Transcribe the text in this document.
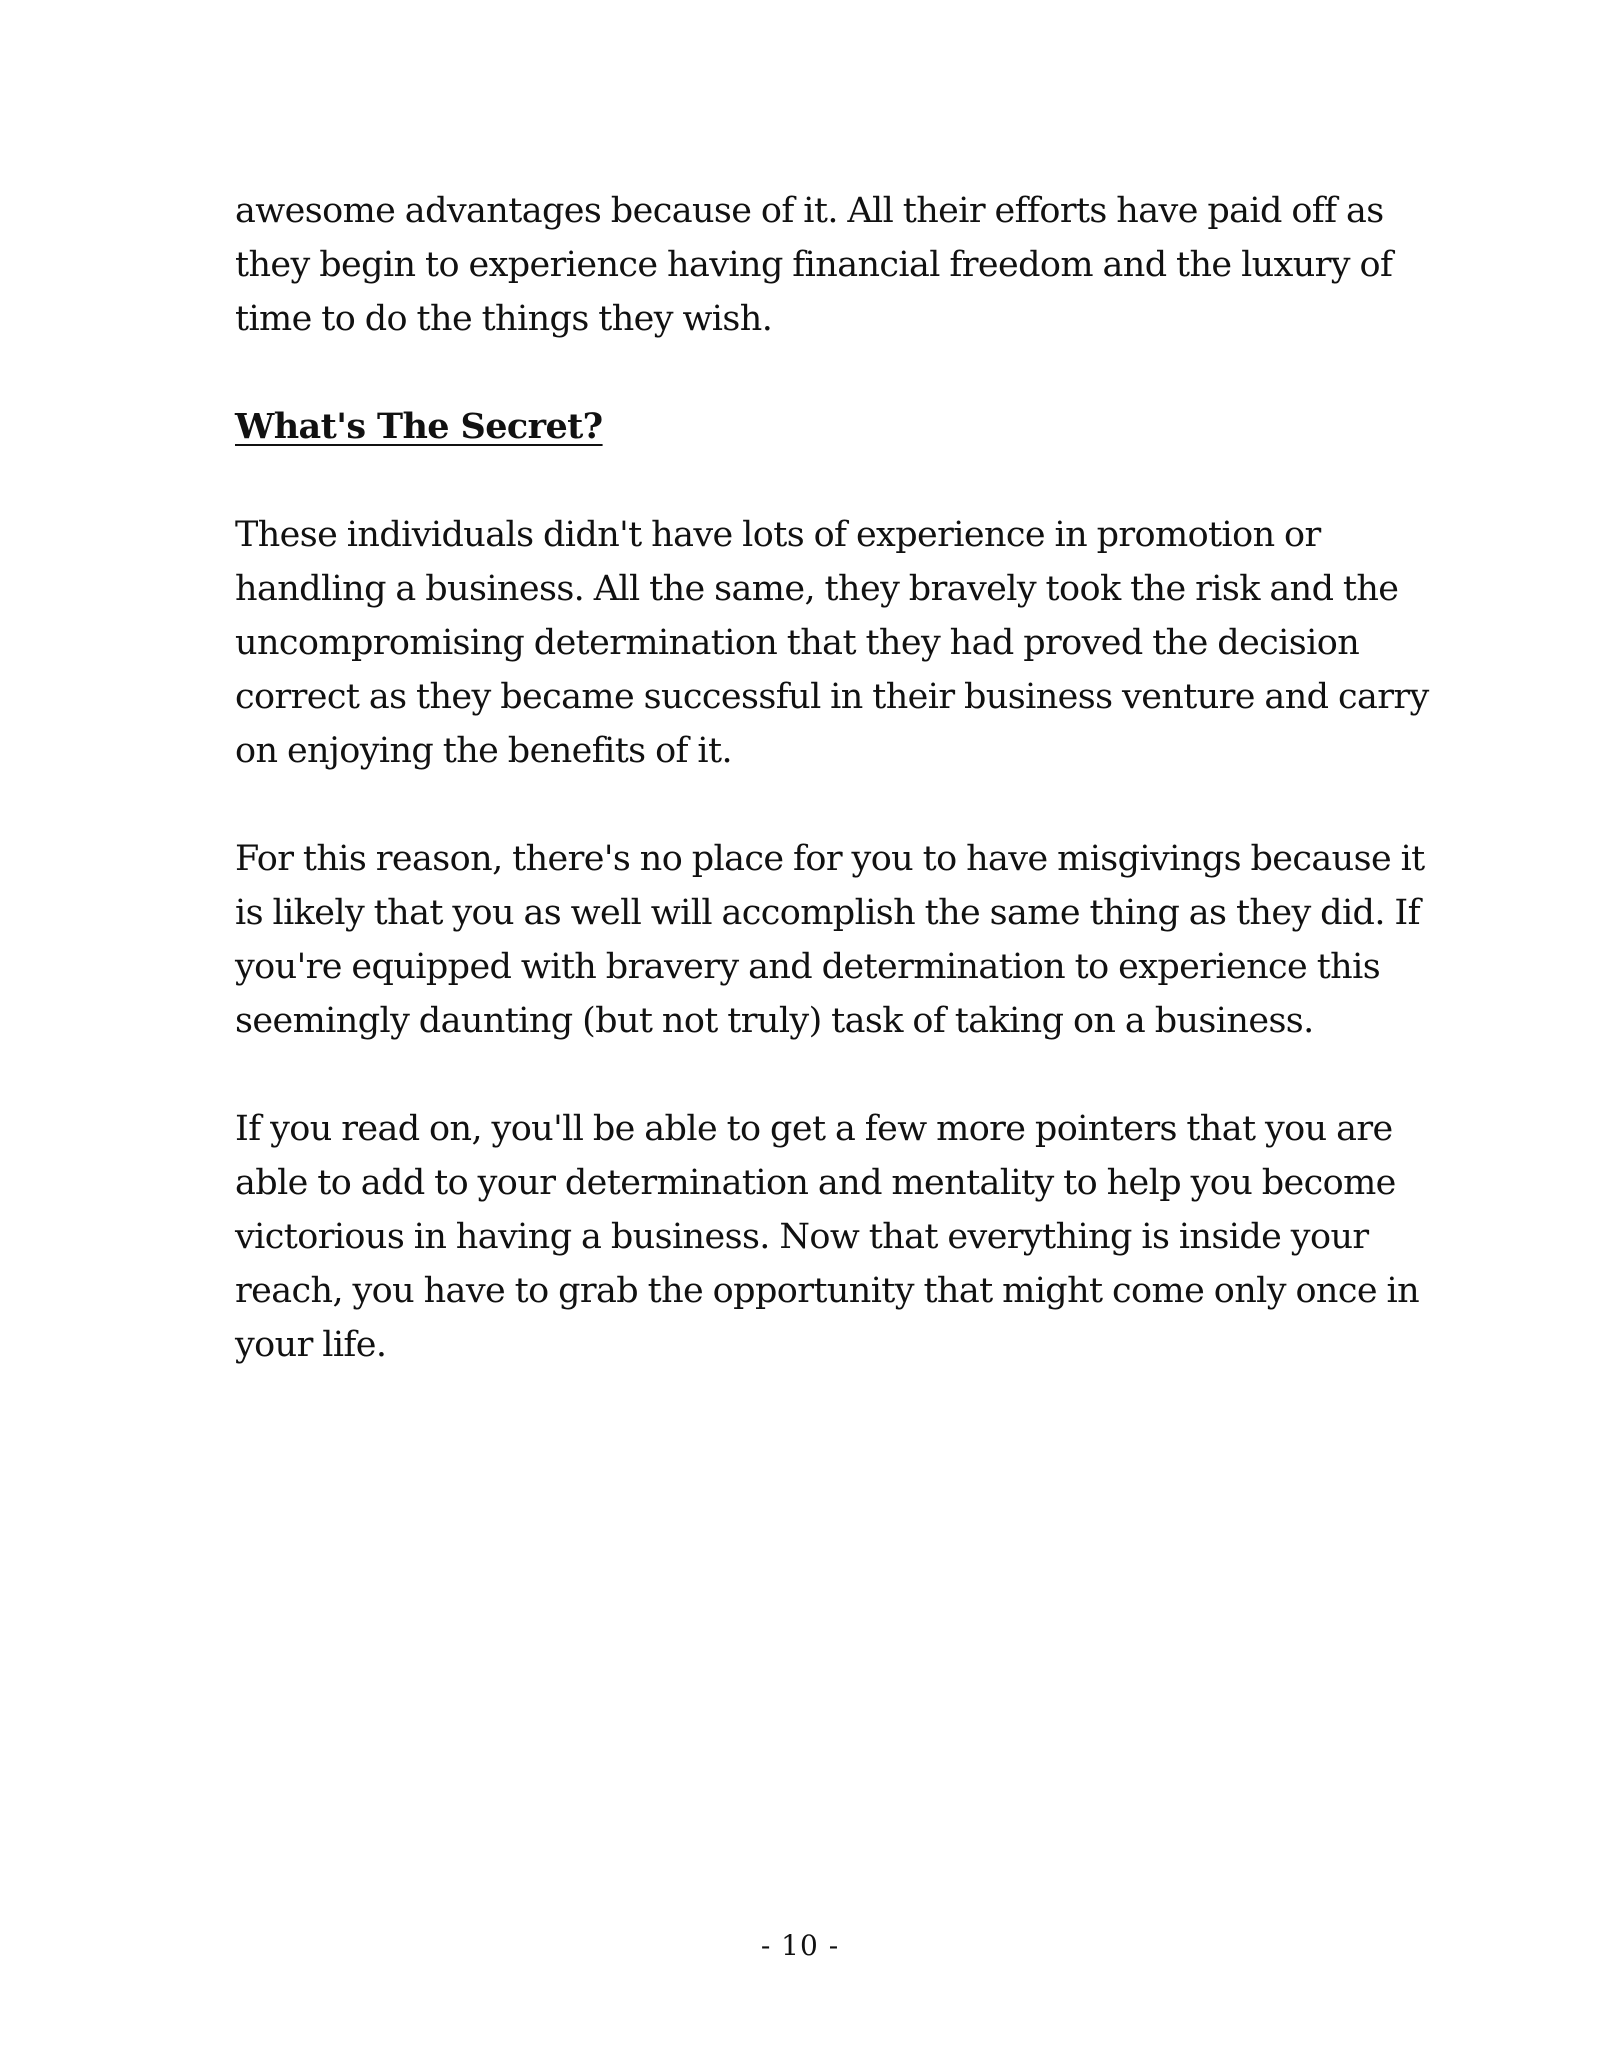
awesome advantages because of it. All their efforts have paid off as
they begin to experience having financial freedom and the luxury of
time to do the things they wish.

What's The Secret?

These individuals didn't have lots of experience in promotion or
handling a business. All the same, they bravely took the risk and the
uncompromising determination that they had proved the decision
correct as they became successful in their business venture and carry
on enjoying the benefits of it.

For this reason, there's no place for you to have misgivings because it
is likely that you as well will accomplish the same thing as they did. If
you're equipped with bravery and determination to experience this
seemingly daunting (but not truly) task of taking on a business.

If you read on, you'll be able to get a few more pointers that you are
able to add to your determination and mentality to help you become
victorious in having a business. Now that everything is inside your
reach, you have to grab the opportunity that might come only once in
your life.

- 10 -
